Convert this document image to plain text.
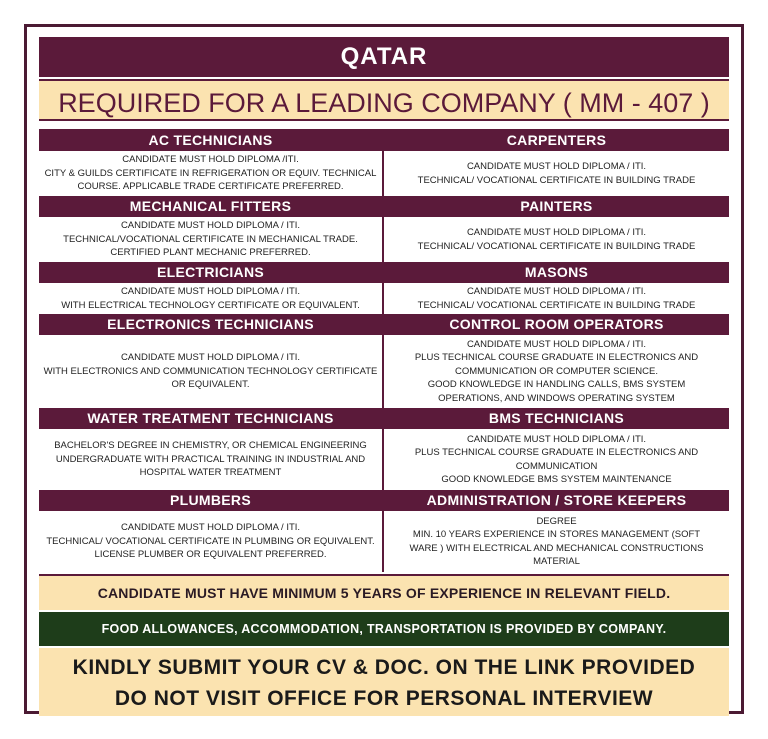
QATAR
REQUIRED FOR A LEADING COMPANY ( MM - 407 )
AC TECHNICIANS
CANDIDATE MUST HOLD DIPLOMA /ITI.
CITY & GUILDS CERTIFICATE IN REFRIGERATION OR EQUIV. TECHNICAL
COURSE. APPLICABLE TRADE CERTIFICATE PREFERRED.
CARPENTERS
CANDIDATE MUST HOLD DIPLOMA / ITI.
TECHNICAL/ VOCATIONAL CERTIFICATE IN BUILDING TRADE
MECHANICAL FITTERS
CANDIDATE MUST HOLD DIPLOMA / ITI.
TECHNICAL/VOCATIONAL CERTIFICATE IN MECHANICAL TRADE.
CERTIFIED PLANT MECHANIC PREFERRED.
PAINTERS
CANDIDATE MUST HOLD DIPLOMA / ITI.
TECHNICAL/ VOCATIONAL CERTIFICATE IN BUILDING TRADE
ELECTRICIANS
CANDIDATE MUST HOLD DIPLOMA / ITI.
WITH ELECTRICAL TECHNOLOGY CERTIFICATE OR EQUIVALENT.
MASONS
CANDIDATE MUST HOLD DIPLOMA / ITI.
TECHNICAL/ VOCATIONAL CERTIFICATE IN BUILDING TRADE
ELECTRONICS TECHNICIANS
CANDIDATE MUST HOLD DIPLOMA / ITI.
WITH ELECTRONICS AND COMMUNICATION TECHNOLOGY CERTIFICATE
OR EQUIVALENT.
CONTROL ROOM OPERATORS
CANDIDATE MUST HOLD DIPLOMA / ITI.
PLUS TECHNICAL COURSE GRADUATE IN ELECTRONICS AND
COMMUNICATION OR COMPUTER SCIENCE.
GOOD KNOWLEDGE IN HANDLING CALLS, BMS SYSTEM
OPERATIONS, AND WINDOWS OPERATING SYSTEM
WATER TREATMENT TECHNICIANS
BACHELOR'S DEGREE IN CHEMISTRY, OR CHEMICAL ENGINEERING
UNDERGRADUATE WITH PRACTICAL TRAINING IN INDUSTRIAL AND
HOSPITAL WATER TREATMENT
BMS TECHNICIANS
CANDIDATE MUST HOLD DIPLOMA / ITI.
PLUS TECHNICAL COURSE GRADUATE IN ELECTRONICS AND
COMMUNICATION
GOOD KNOWLEDGE BMS SYSTEM MAINTENANCE
PLUMBERS
CANDIDATE MUST HOLD DIPLOMA / ITI.
TECHNICAL/ VOCATIONAL CERTIFICATE IN PLUMBING OR EQUIVALENT.
LICENSE PLUMBER OR EQUIVALENT PREFERRED.
ADMINISTRATION / STORE KEEPERS
DEGREE
MIN. 10 YEARS EXPERIENCE IN STORES MANAGEMENT (SOFT
WARE ) WITH ELECTRICAL AND MECHANICAL CONSTRUCTIONS
MATERIAL
CANDIDATE MUST HAVE MINIMUM 5 YEARS OF EXPERIENCE IN RELEVANT FIELD.
FOOD ALLOWANCES, ACCOMMODATION, TRANSPORTATION IS PROVIDED BY COMPANY.
KINDLY SUBMIT YOUR CV & DOC. ON THE LINK PROVIDED
DO NOT VISIT OFFICE FOR PERSONAL INTERVIEW
